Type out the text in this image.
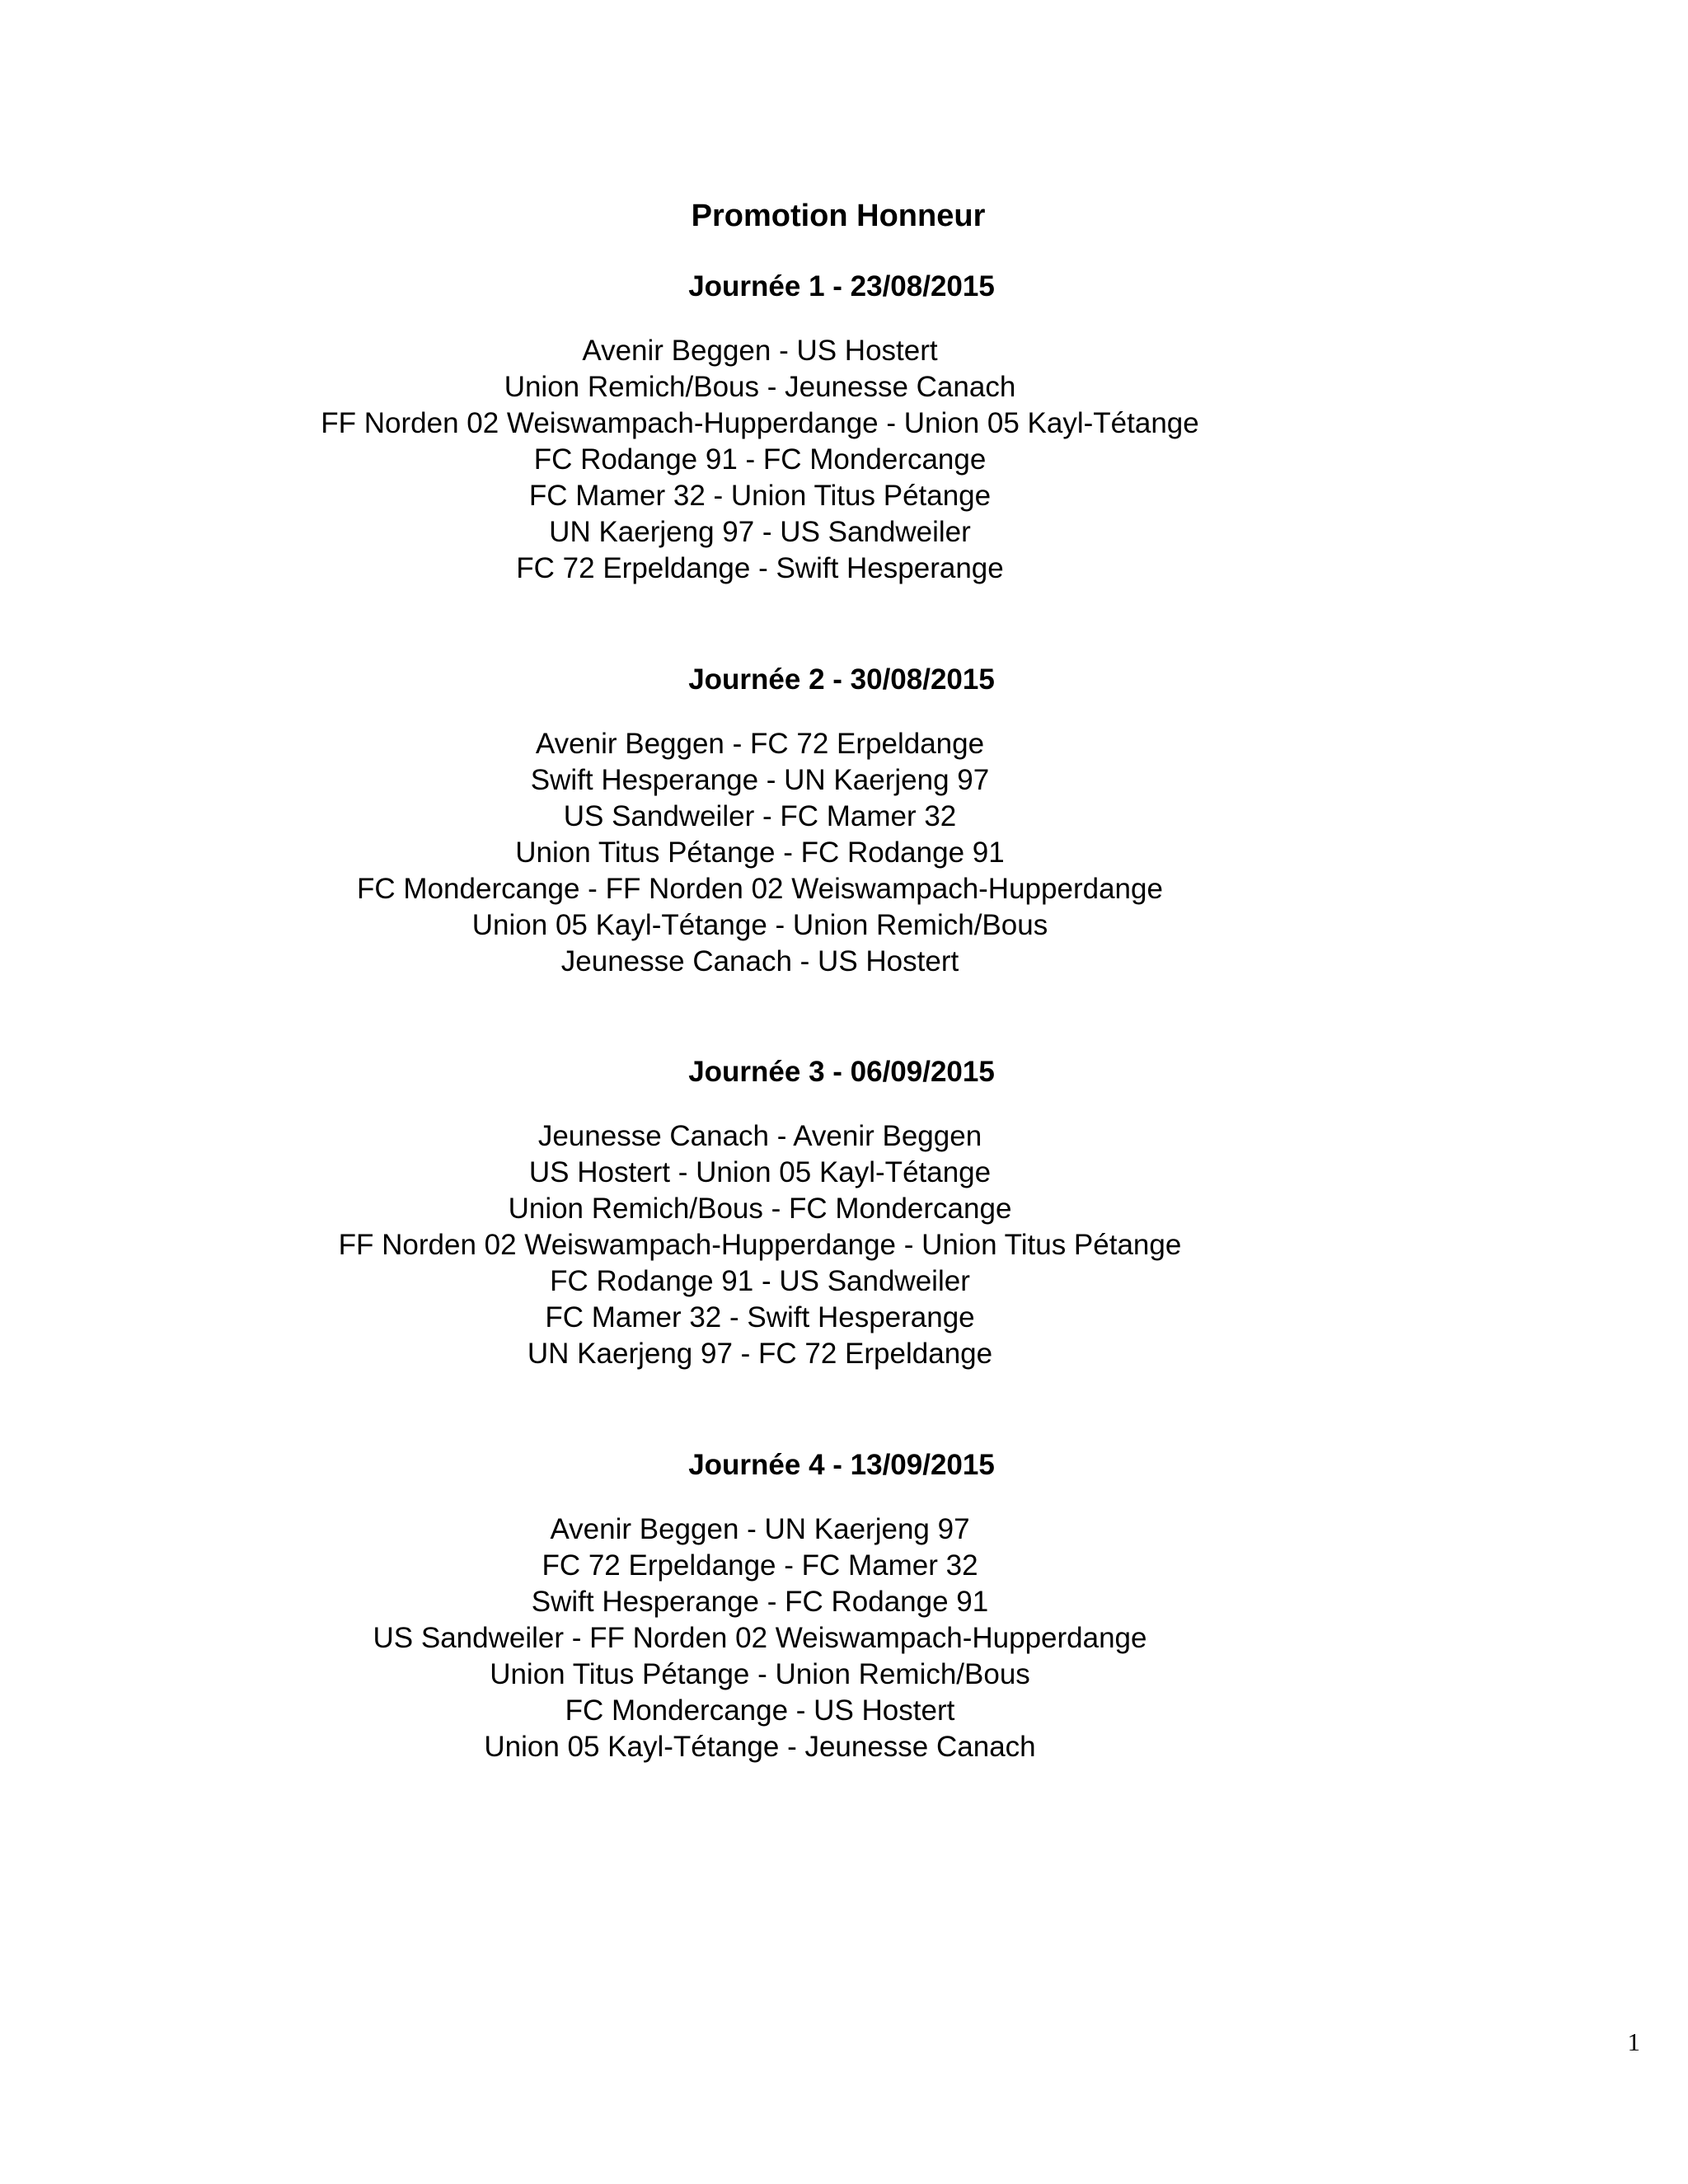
Promotion Honneur
Journée 1 - 23/08/2015
Avenir Beggen - US Hostert
Union Remich/Bous - Jeunesse Canach
FF Norden 02 Weiswampach-Hupperdange - Union 05 Kayl-Tétange
FC Rodange 91 - FC Mondercange
FC Mamer 32 - Union Titus Pétange
UN Kaerjeng 97 - US Sandweiler
FC 72 Erpeldange - Swift Hesperange
Journée 2 - 30/08/2015
Avenir Beggen - FC 72 Erpeldange
Swift Hesperange - UN Kaerjeng 97
US Sandweiler - FC Mamer 32
Union Titus Pétange - FC Rodange 91
FC Mondercange - FF Norden 02 Weiswampach-Hupperdange
Union 05 Kayl-Tétange - Union Remich/Bous
Jeunesse Canach - US Hostert
Journée 3 - 06/09/2015
Jeunesse Canach - Avenir Beggen
US Hostert - Union 05 Kayl-Tétange
Union Remich/Bous - FC Mondercange
FF Norden 02 Weiswampach-Hupperdange - Union Titus Pétange
FC Rodange 91 - US Sandweiler
FC Mamer 32 - Swift Hesperange
UN Kaerjeng 97 - FC 72 Erpeldange
Journée 4 - 13/09/2015
Avenir Beggen - UN Kaerjeng 97
FC 72 Erpeldange - FC Mamer 32
Swift Hesperange - FC Rodange 91
US Sandweiler - FF Norden 02 Weiswampach-Hupperdange
Union Titus Pétange - Union Remich/Bous
FC Mondercange - US Hostert
Union 05 Kayl-Tétange - Jeunesse Canach
1
